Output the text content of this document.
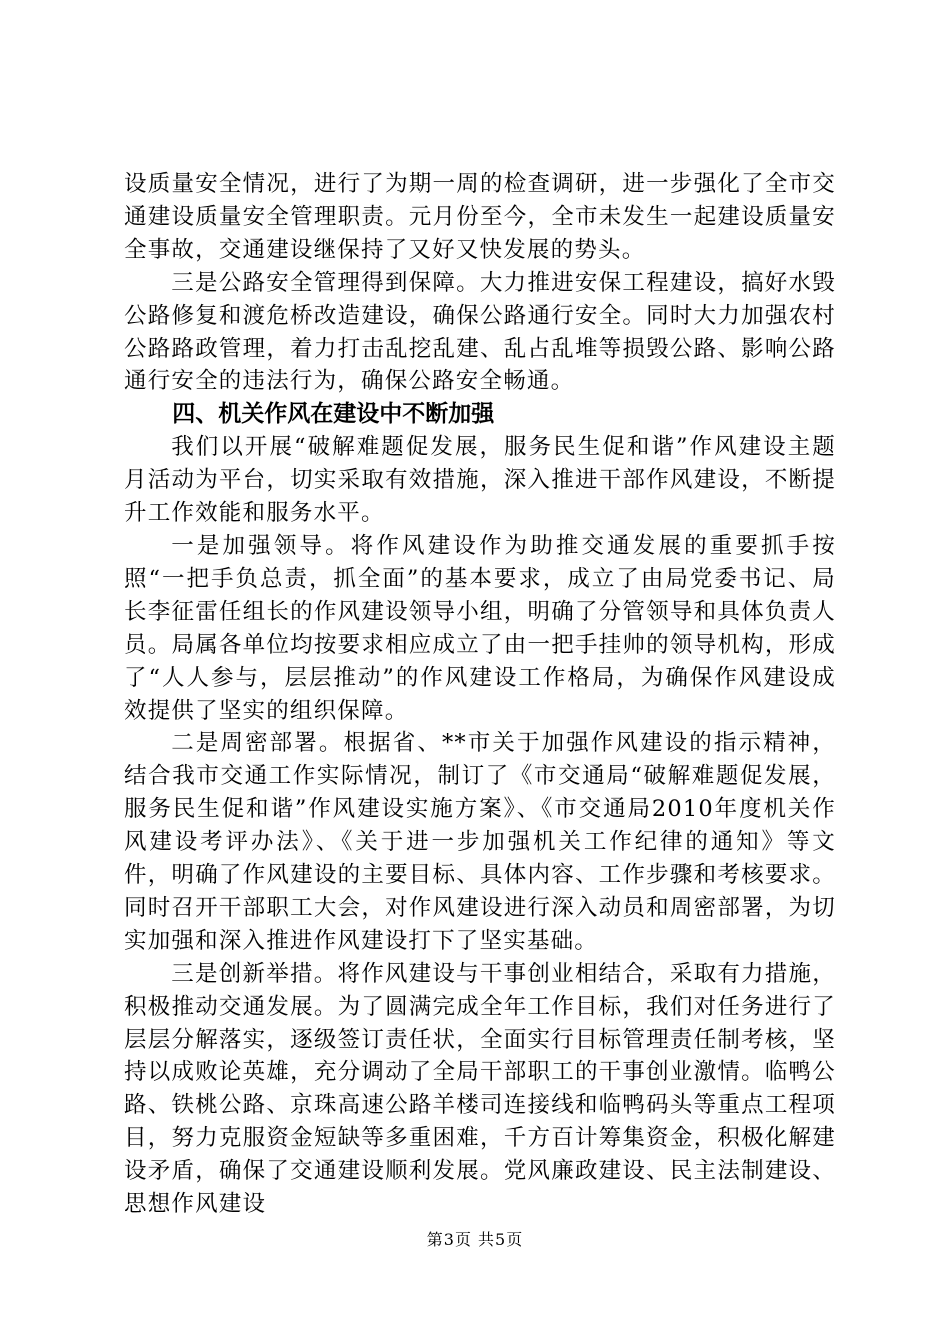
设质量安全情况，进行了为期一周的检查调研，进一步强化了全市交通建设质量安全管理职责。元月份至今，全市未发生一起建设质量安全事故，交通建设继保持了又好又快发展的势头。

三是公路安全管理得到保障。大力推进安保工程建设，搞好水毁公路修复和渡危桥改造建设，确保公路通行安全。同时大力加强农村公路路政管理，着力打击乱挖乱建、乱占乱堆等损毁公路、影响公路通行安全的违法行为，确保公路安全畅通。

四、机关作风在建设中不断加强

我们以开展“破解难题促发展，服务民生促和谐”作风建设主题月活动为平台，切实采取有效措施，深入推进干部作风建设，不断提升工作效能和服务水平。

一是加强领导。将作风建设作为助推交通发展的重要抓手按照“一把手负总责，抓全面”的基本要求，成立了由局党委书记、局长李征雷任组长的作风建设领导小组，明确了分管领导和具体负责人员。局属各单位均按要求相应成立了由一把手挂帅的领导机构，形成了“人人参与，层层推动”的作风建设工作格局，为确保作风建设成效提供了坚实的组织保障。

二是周密部署。根据省、**市关于加强作风建设的指示精神，结合我市交通工作实际情况，制订了《市交通局“破解难题促发展，服务民生促和谐”作风建设实施方案》、《市交通局2010年度机关作风建设考评办法》、《关于进一步加强机关工作纪律的通知》等文件，明确了作风建设的主要目标、具体内容、工作步骤和考核要求。同时召开干部职工大会，对作风建设进行深入动员和周密部署，为切实加强和深入推进作风建设打下了坚实基础。

三是创新举措。将作风建设与干事创业相结合，采取有力措施，积极推动交通发展。为了圆满完成全年工作目标，我们对任务进行了层层分解落实，逐级签订责任状，全面实行目标管理责任制考核，坚持以成败论英雄，充分调动了全局干部职工的干事创业激情。临鸭公路、铁桃公路、京珠高速公路羊楼司连接线和临鸭码头等重点工程项目，努力克服资金短缺等多重困难，千方百计筹集资金，积极化解建设矛盾，确保了交通建设顺利发展。党风廉政建设、民主法制建设、思想作风建设

第3页 共5页
